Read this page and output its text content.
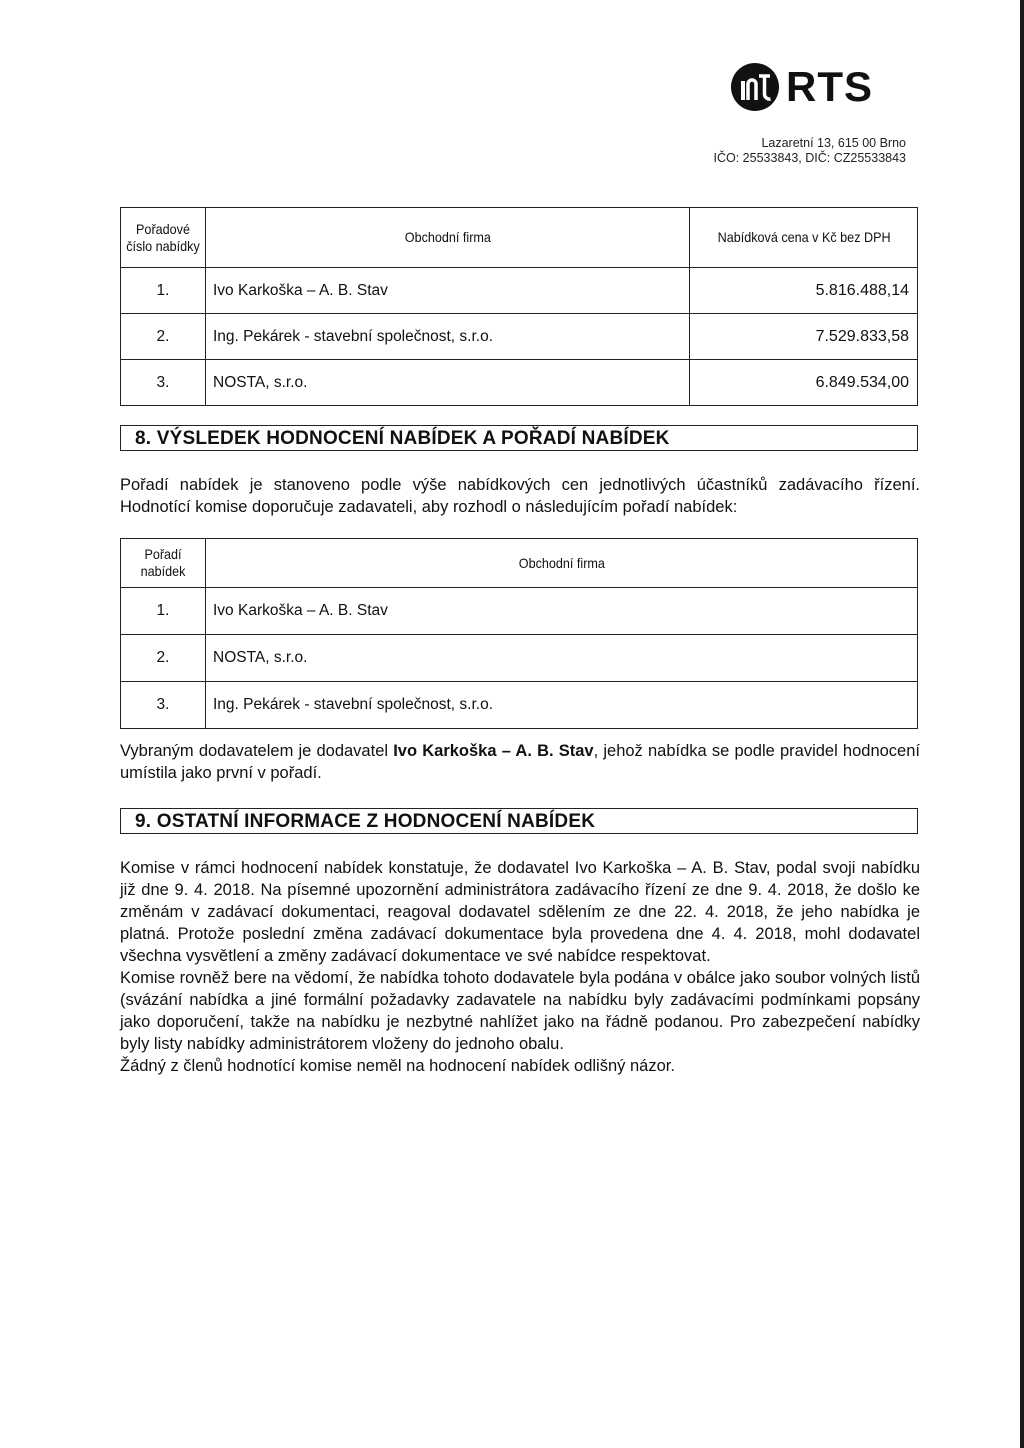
RTS
Lazaretní 13, 615 00 Brno
IČO: 25533843, DIČ: CZ25533843
Pořadové číslo nabídky	Obchodní firma	Nabídková cena v Kč bez DPH
1.	Ivo Karkoška – A. B. Stav	5.816.488,14
2.	Ing. Pekárek - stavební společnost, s.r.o.	7.529.833,58
3.	NOSTA, s.r.o.	6.849.534,00
8. VÝSLEDEK HODNOCENÍ NABÍDEK A POŘADÍ NABÍDEK
Pořadí nabídek je stanoveno podle výše nabídkových cen jednotlivých účastníků zadávacího řízení. Hodnotící komise doporučuje zadavateli, aby rozhodl o následujícím pořadí nabídek:
Pořadí nabídek	Obchodní firma
1.	Ivo Karkoška – A. B. Stav
2.	NOSTA, s.r.o.
3.	Ing. Pekárek - stavební společnost, s.r.o.
Vybraným dodavatelem je dodavatel Ivo Karkoška – A. B. Stav, jehož nabídka se podle pravidel hodnocení umístila jako první v pořadí.
9. OSTATNÍ INFORMACE Z HODNOCENÍ NABÍDEK
Komise v rámci hodnocení nabídek konstatuje, že dodavatel Ivo Karkoška – A. B. Stav, podal svoji nabídku již dne 9. 4. 2018. Na písemné upozornění administrátora zadávacího řízení ze dne 9. 4. 2018, že došlo ke změnám v zadávací dokumentaci, reagoval dodavatel sdělením ze dne 22. 4. 2018, že jeho nabídka je platná. Protože poslední změna zadávací dokumentace byla provedena dne 4. 4. 2018, mohl dodavatel všechna vysvětlení a změny zadávací dokumentace ve své nabídce respektovat.
Komise rovněž bere na vědomí, že nabídka tohoto dodavatele byla podána v obálce jako soubor volných listů (svázání nabídka a jiné formální požadavky zadavatele na nabídku byly zadávacími podmínkami popsány jako doporučení, takže na nabídku je nezbytné nahlížet jako na řádně podanou. Pro zabezpečení nabídky byly listy nabídky administrátorem vloženy do jednoho obalu.
Žádný z členů hodnotící komise neměl na hodnocení nabídek odlišný názor.
